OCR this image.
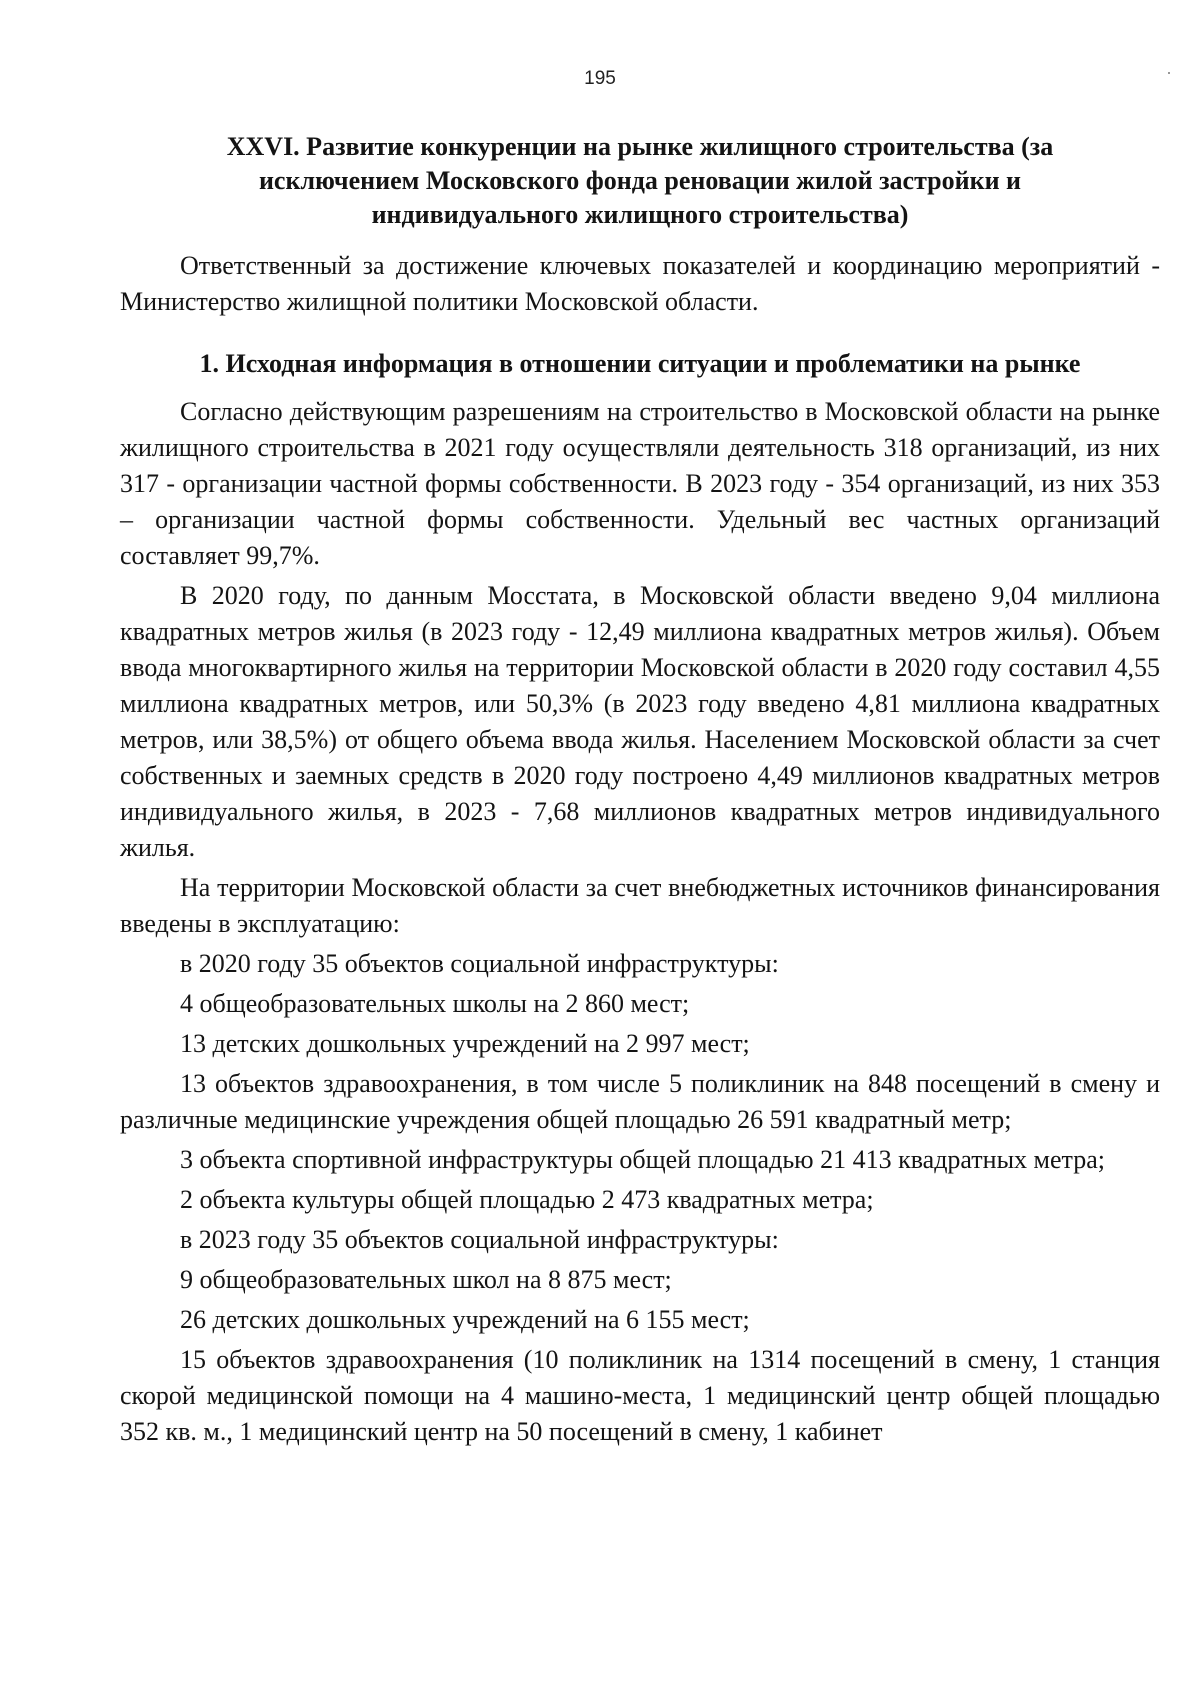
195
XXVI. Развитие конкуренции на рынке жилищного строительства (за
исключением Московского фонда реновации жилой застройки и
индивидуального жилищного строительства)

Ответственный за достижение ключевых показателей и координацию мероприятий - Министерство жилищной политики Московской области.

1. Исходная информация в отношении ситуации и проблематики на рынке

Согласно действующим разрешениям на строительство в Московской области на рынке жилищного строительства в 2021 году осуществляли деятельность 318 организаций, из них 317 - организации частной формы собственности. В 2023 году - 354 организаций, из них 353 – организации частной формы собственности. Удельный вес частных организаций составляет 99,7%.

В 2020 году, по данным Мосстата, в Московской области введено 9,04 миллиона квадратных метров жилья (в 2023 году - 12,49 миллиона квадратных метров жилья). Объем ввода многоквартирного жилья на территории Московской области в 2020 году составил 4,55 миллиона квадратных метров, или 50,3% (в 2023 году введено 4,81 миллиона квадратных метров, или 38,5%) от общего объема ввода жилья. Населением Московской области за счет собственных и заемных средств в 2020 году построено 4,49 миллионов квадратных метров индивидуального жилья, в 2023 - 7,68 миллионов квадратных метров индивидуального жилья.

На территории Московской области за счет внебюджетных источников финансирования введены в эксплуатацию:

в 2020 году 35 объектов социальной инфраструктуры:

4 общеобразовательных школы на 2 860 мест;

13 детских дошкольных учреждений на 2 997 мест;

13 объектов здравоохранения, в том числе 5 поликлиник на 848 посещений в смену и различные медицинские учреждения общей площадью 26 591 квадратный метр;

3 объекта спортивной инфраструктуры общей площадью 21 413 квадратных метра;

2 объекта культуры общей площадью 2 473 квадратных метра;

в 2023 году 35 объектов социальной инфраструктуры:

9 общеобразовательных школ на 8 875 мест;

26 детских дошкольных учреждений на 6 155 мест;

15 объектов здравоохранения (10 поликлиник на 1314 посещений в смену, 1 станция скорой медицинской помощи на 4 машино-места, 1 медицинский центр общей площадью 352 кв. м., 1 медицинский центр на 50 посещений в смену, 1 кабинет
